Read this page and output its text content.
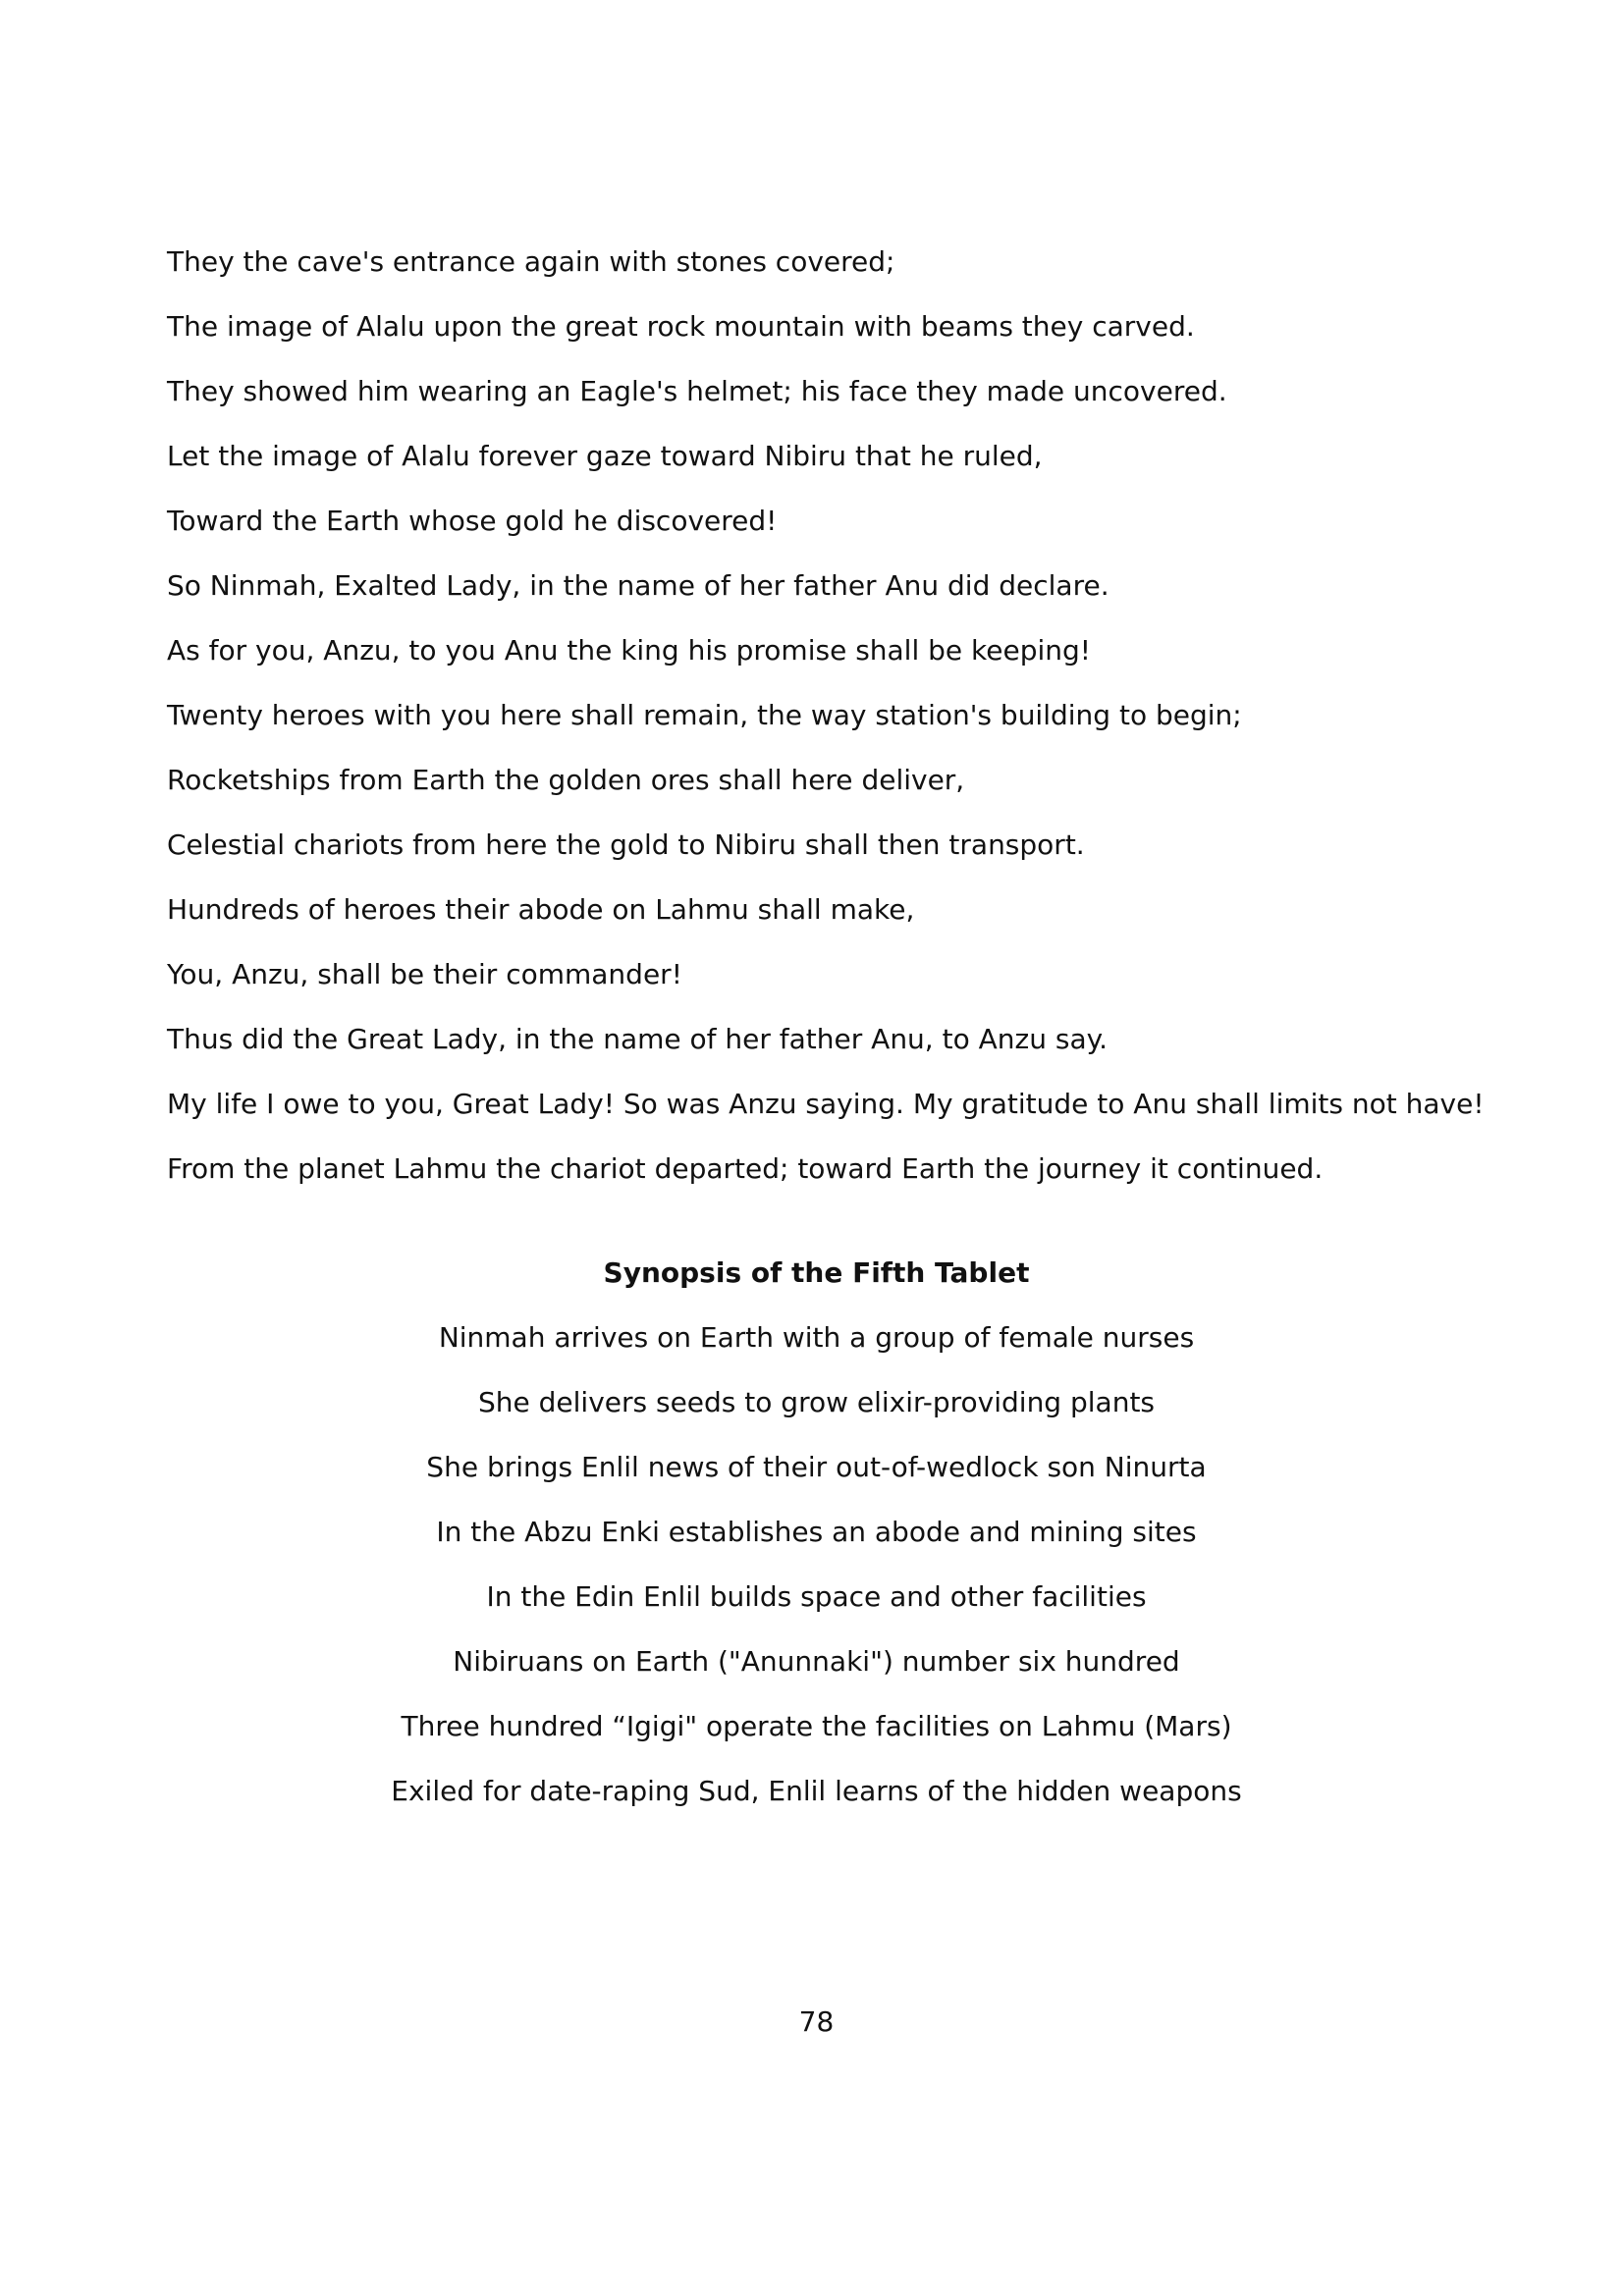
They the cave's entrance again with stones covered;
The image of Alalu upon the great rock mountain with beams they carved.
They showed him wearing an Eagle's helmet; his face they made uncovered.
Let the image of Alalu forever gaze toward Nibiru that he ruled,
Toward the Earth whose gold he discovered!
So Ninmah, Exalted Lady, in the name of her father Anu did declare.
As for you, Anzu, to you Anu the king his promise shall be keeping!
Twenty heroes with you here shall remain, the way station's building to begin;
Rocketships from Earth the golden ores shall here deliver,
Celestial chariots from here the gold to Nibiru shall then transport.
Hundreds of heroes their abode on Lahmu shall make,
You, Anzu, shall be their commander!
Thus did the Great Lady, in the name of her father Anu, to Anzu say.
My life I owe to you, Great Lady! So was Anzu saying. My gratitude to Anu shall limits not have!
From the planet Lahmu the chariot departed; toward Earth the journey it continued.
Synopsis of the Fifth Tablet
Ninmah arrives on Earth with a group of female nurses
She delivers seeds to grow elixir-providing plants
She brings Enlil news of their out-of-wedlock son Ninurta
In the Abzu Enki establishes an abode and mining sites
In the Edin Enlil builds space and other facilities
Nibiruans on Earth ("Anunnaki") number six hundred
Three hundred “Igigi" operate the facilities on Lahmu (Mars)
Exiled for date-raping Sud, Enlil learns of the hidden weapons
78
